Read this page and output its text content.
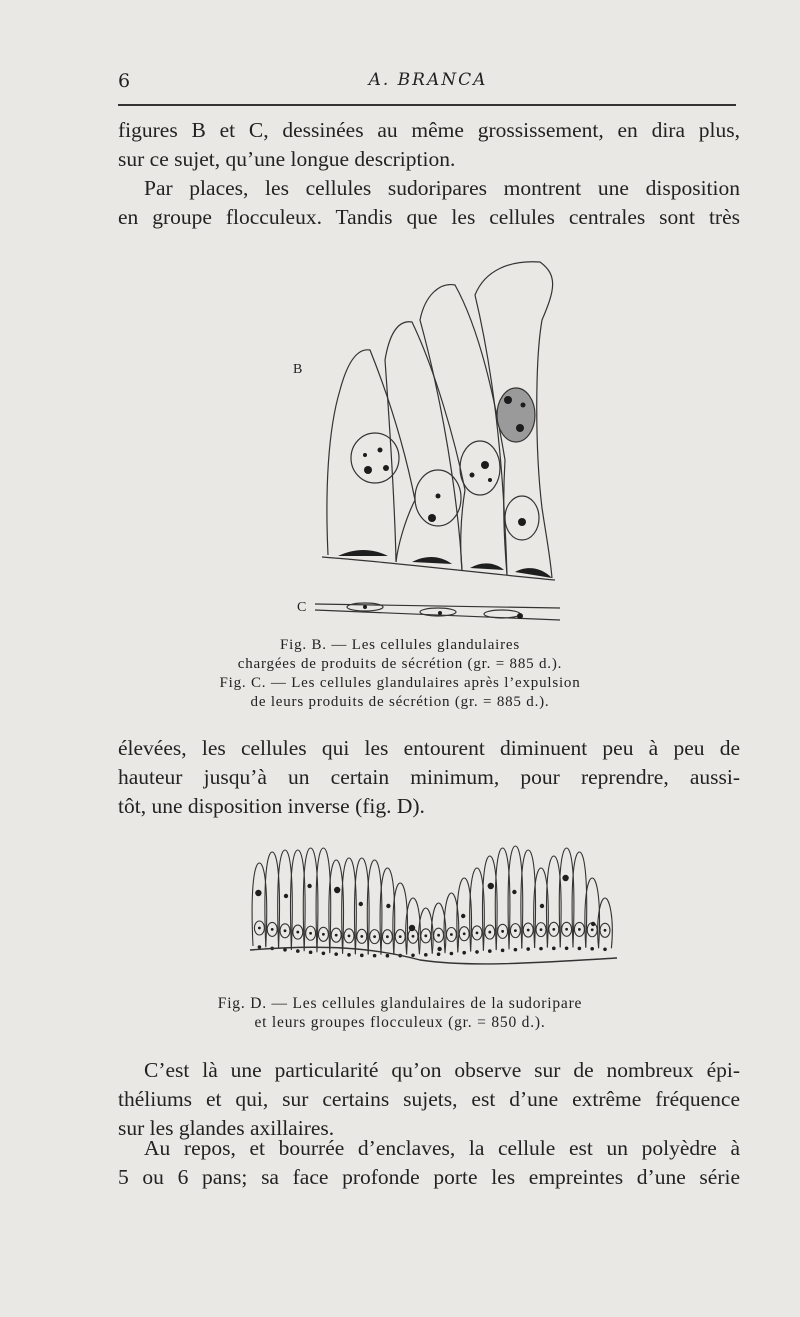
6	A. BRANCA

figures B et C, dessinées au même grossissement, en dira plus,
sur ce sujet, qu’une longue description.

Par places, les cellules sudoripares montrent une disposition
en groupe flocculeux. Tandis que les cellules centrales sont très

B
C
Fig. B. — Les cellules glandulaires
chargées de produits de sécrétion (gr. = 885 d.).
Fig. C. — Les cellules glandulaires après l’expulsion
de leurs produits de sécrétion (gr. = 885 d.).

élevées, les cellules qui les entourent diminuent peu à peu de
hauteur jusqu’à un certain minimum, pour reprendre, aussi-
tôt, une disposition inverse (fig. D).

Fig. D. — Les cellules glandulaires de la sudoripare
et leurs groupes flocculeux (gr. = 850 d.).

C’est là une particularité qu’on observe sur de nombreux épi-
théliums et qui, sur certains sujets, est d’une extrême fréquence
sur les glandes axillaires.

Au repos, et bourrée d’enclaves, la cellule est un polyèdre à
5 ou 6 pans; sa face profonde porte les empreintes d’une série
